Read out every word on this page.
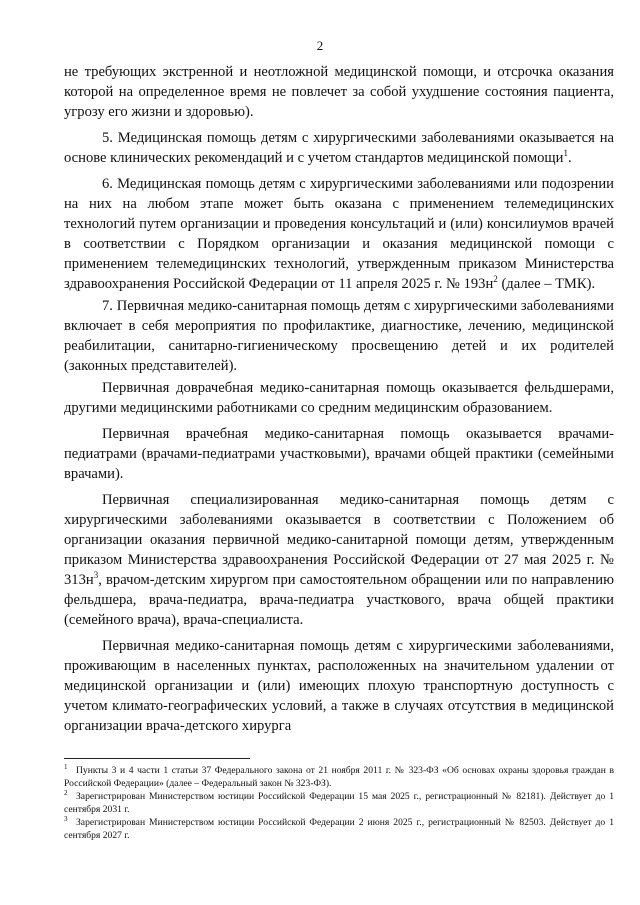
2

не требующих экстренной и неотложной медицинской помощи, и отсрочка оказания которой на определенное время не повлечет за собой ухудшение состояния пациента, угрозу его жизни и здоровью).

5. Медицинская помощь детям с хирургическими заболеваниями оказывается на основе клинических рекомендаций и с учетом стандартов медицинской помощи$^1$.

6. Медицинская помощь детям с хирургическими заболеваниями или подозрении на них на любом этапе может быть оказана с применением телемедицинских технологий путем организации и проведения консультаций и (или) консилиумов врачей в соответствии с Порядком организации и оказания медицинской помощи с применением телемедицинских технологий, утвержденным приказом Министерства здравоохранения Российской Федерации от 11 апреля 2025 г. № $193н^2$ (далее – ТМК).

7. Первичная медико-санитарная помощь детям с хирургическими заболеваниями включает в себя мероприятия по профилактике, диагностике, лечению, медицинской реабилитации, санитарно-гигиеническому просвещению детей и их родителей (законных представителей).

Первичная доврачебная медико-санитарная помощь оказывается фельдшерами, другими медицинскими работниками со средним медицинским образованием.

Первичная врачебная медико-санитарная помощь оказывается врачами-педиатрами (врачами-педиатрами участковыми), врачами общей практики (семейными врачами).

Первичная специализированная медико-санитарная помощь детям с хирургическими заболеваниями оказывается в соответствии с Положением об организации оказания первичной медико-санитарной помощи детям, утвержденным приказом Министерства здравоохранения Российской Федерации от 27 мая 2025 г. № $313н^3$, врачом-детским хирургом при самостоятельном обращении или по направлению фельдшера, врача-педиатра, врача-педиатра участкового, врача общей практики (семейного врача), врача-специалиста.

Первичная медико-санитарная помощь детям с хирургическими заболеваниями, проживающим в населенных пунктах, расположенных на значительном удалении от медицинской организации и (или) имеющих плохую транспортную доступность с учетом климато-географических условий, а также в случаях отсутствия в медицинской организации врача-детского хирурга

1 Пункты 3 и 4 части 1 статьи 37 Федерального закона от 21 ноября 2011 г. № 323-ФЗ «Об основах охраны здоровья граждан в Российской Федерации» (далее – Федеральный закон № 323-ФЗ).

2 Зарегистрирован Министерством юстиции Российской Федерации 15 мая 2025 г., регистрационный № 82181). Действует до 1 сентября 2031 г.

3 Зарегистрирован Министерством юстиции Российской Федерации 2 июня 2025 г., регистрационный № 82503. Действует до 1 сентября 2027 г.
